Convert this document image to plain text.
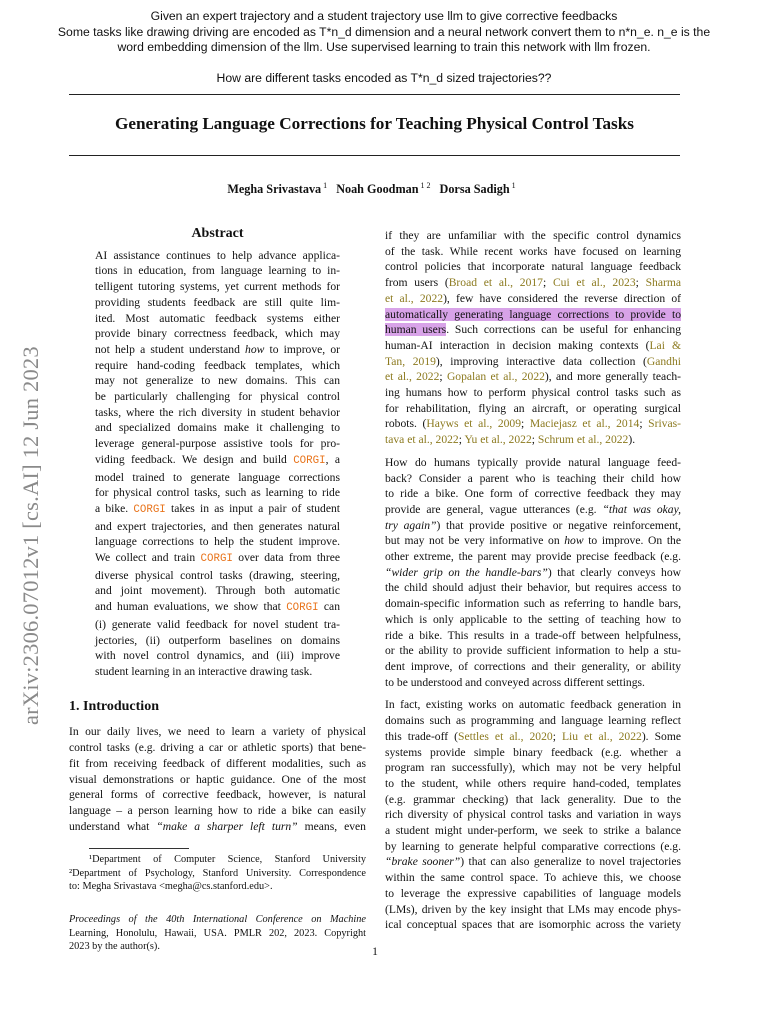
Given an expert trajectory and a student trajectory use llm to give corrective feedbacks
Some tasks like drawing driving are encoded as T*n_d dimension and a neural network convert them to n*n_e. n_e is the
word embedding dimension of the llm. Use supervised learning to train this network with llm frozen.
How are different tasks encoded as T*n_d sized trajectories??
Generating Language Corrections for Teaching Physical Control Tasks
Megha Srivastava $^1$ Noah Goodman $^{1 2}$ Dorsa Sadigh $^1$
arXiv:2306.07012v1 [cs.AI] 12 Jun 2023
Abstract
AI assistance continues to help advance applica-
tions in education, from language learning to in-
telligent tutoring systems, yet current methods for
providing students feedback are still quite lim-
ited. Most automatic feedback systems either
provide binary correctness feedback, which may
not help a student understand how to improve, or
require hand-coding feedback templates, which
may not generalize to new domains. This can
be particularly challenging for physical control
tasks, where the rich diversity in student behavior
and specialized domains make it challenging to
leverage general-purpose assistive tools for pro-
viding feedback. We design and build CORGI, a
model trained to generate language corrections
for physical control tasks, such as learning to ride
a bike. CORGI takes in as input a pair of student
and expert trajectories, and then generates natural
language corrections to help the student improve.
We collect and train CORGI over data from three
diverse physical control tasks (drawing, steering,
and joint movement). Through both automatic
and human evaluations, we show that CORGI can
(i) generate valid feedback for novel student tra-
jectories, (ii) outperform baselines on domains
with novel control dynamics, and (iii) improve
student learning in an interactive drawing task.
1. Introduction
In our daily lives, we need to learn a variety of physical
control tasks (e.g. driving a car or athletic sports) that bene-
fit from receiving feedback of different modalities, such as
visual demonstrations or haptic guidance. One of the most
general forms of corrective feedback, however, is natural
language – a person learning how to ride a bike can easily
understand what “make a sharper left turn” means, even
¹Department of Computer Science, Stanford University
²Department of Psychology, Stanford University. Correspondence
to: Megha Srivastava <megha@cs.stanford.edu>.
Proceedings of the 40th International Conference on Machine
Learning, Honolulu, Hawaii, USA. PMLR 202, 2023. Copyright
2023 by the author(s).
if they are unfamiliar with the specific control dynamics
of the task. While recent works have focused on learning
control policies that incorporate natural language feedback
from users (Broad et al., 2017; Cui et al., 2023; Sharma
et al., 2022), few have considered the reverse direction of
automatically generating language corrections to provide to
human users. Such corrections can be useful for enhancing
human-AI interaction in decision making contexts (Lai &
Tan, 2019), improving interactive data collection (Gandhi
et al., 2022; Gopalan et al., 2022), and more generally teach-
ing humans how to perform physical control tasks such as
for rehabilitation, flying an aircraft, or operating surgical
robots. (Hayws et al., 2009; Maciejasz et al., 2014; Srivas-
tava et al., 2022; Yu et al., 2022; Schrum et al., 2022).
How do humans typically provide natural language feed-
back? Consider a parent who is teaching their child how
to ride a bike. One form of corrective feedback they may
provide are general, vague utterances (e.g. “that was okay,
try again”) that provide positive or negative reinforcement,
but may not be very informative on how to improve. On the
other extreme, the parent may provide precise feedback (e.g.
“wider grip on the handle-bars”) that clearly conveys how
the child should adjust their behavior, but requires access to
domain-specific information such as referring to handle bars,
which is only applicable to the setting of teaching how to
ride a bike. This results in a trade-off between helpfulness,
or the ability to provide sufficient information to help a stu-
dent improve, of corrections and their generality, or ability
to be understood and conveyed across different settings.
In fact, existing works on automatic feedback generation in
domains such as programming and language learning reflect
this trade-off (Settles et al., 2020; Liu et al., 2022). Some
systems provide simple binary feedback (e.g. whether a
program ran successfully), which may not be very helpful
to the student, while others require hand-coded, templates
(e.g. grammar checking) that lack generality. Due to the
rich diversity of physical control tasks and variation in ways
a student might under-perform, we seek to strike a balance
by learning to generate helpful comparative corrections (e.g.
“brake sooner”) that can also generalize to novel trajectories
within the same control space. To achieve this, we choose
to leverage the expressive capabilities of language models
(LMs), driven by the key insight that LMs may encode phys-
ical conceptual spaces that are isomorphic across the variety
1
